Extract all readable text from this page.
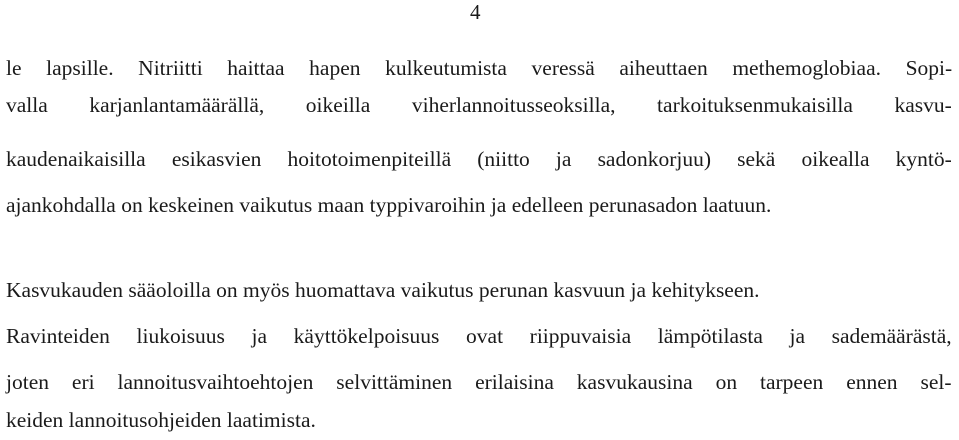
4
le lapsille. Nitriitti haittaa hapen kulkeutumista veressä aiheuttaen methemoglobiaa. Sopi-
valla karjanlantamäärällä, oikeilla viherlannoitusseoksilla, tarkoituksenmukaisilla kasvu-
kaudenaikaisilla esikasvien hoitotoimenpiteillä (niitto ja sadonkorjuu) sekä oikealla kyntö-
ajankohdalla on keskeinen vaikutus maan typpivaroihin ja edelleen perunasadon laatuun.
Kasvukauden sääoloilla on myös huomattava vaikutus perunan kasvuun ja kehitykseen.
Ravinteiden liukoisuus ja käyttökelpoisuus ovat riippuvaisia lämpötilasta ja sademäärästä,
joten eri lannoitusvaihtoehtojen selvittäminen erilaisina kasvukausina on tarpeen ennen sel-
keiden lannoitusohjeiden laatimista.
